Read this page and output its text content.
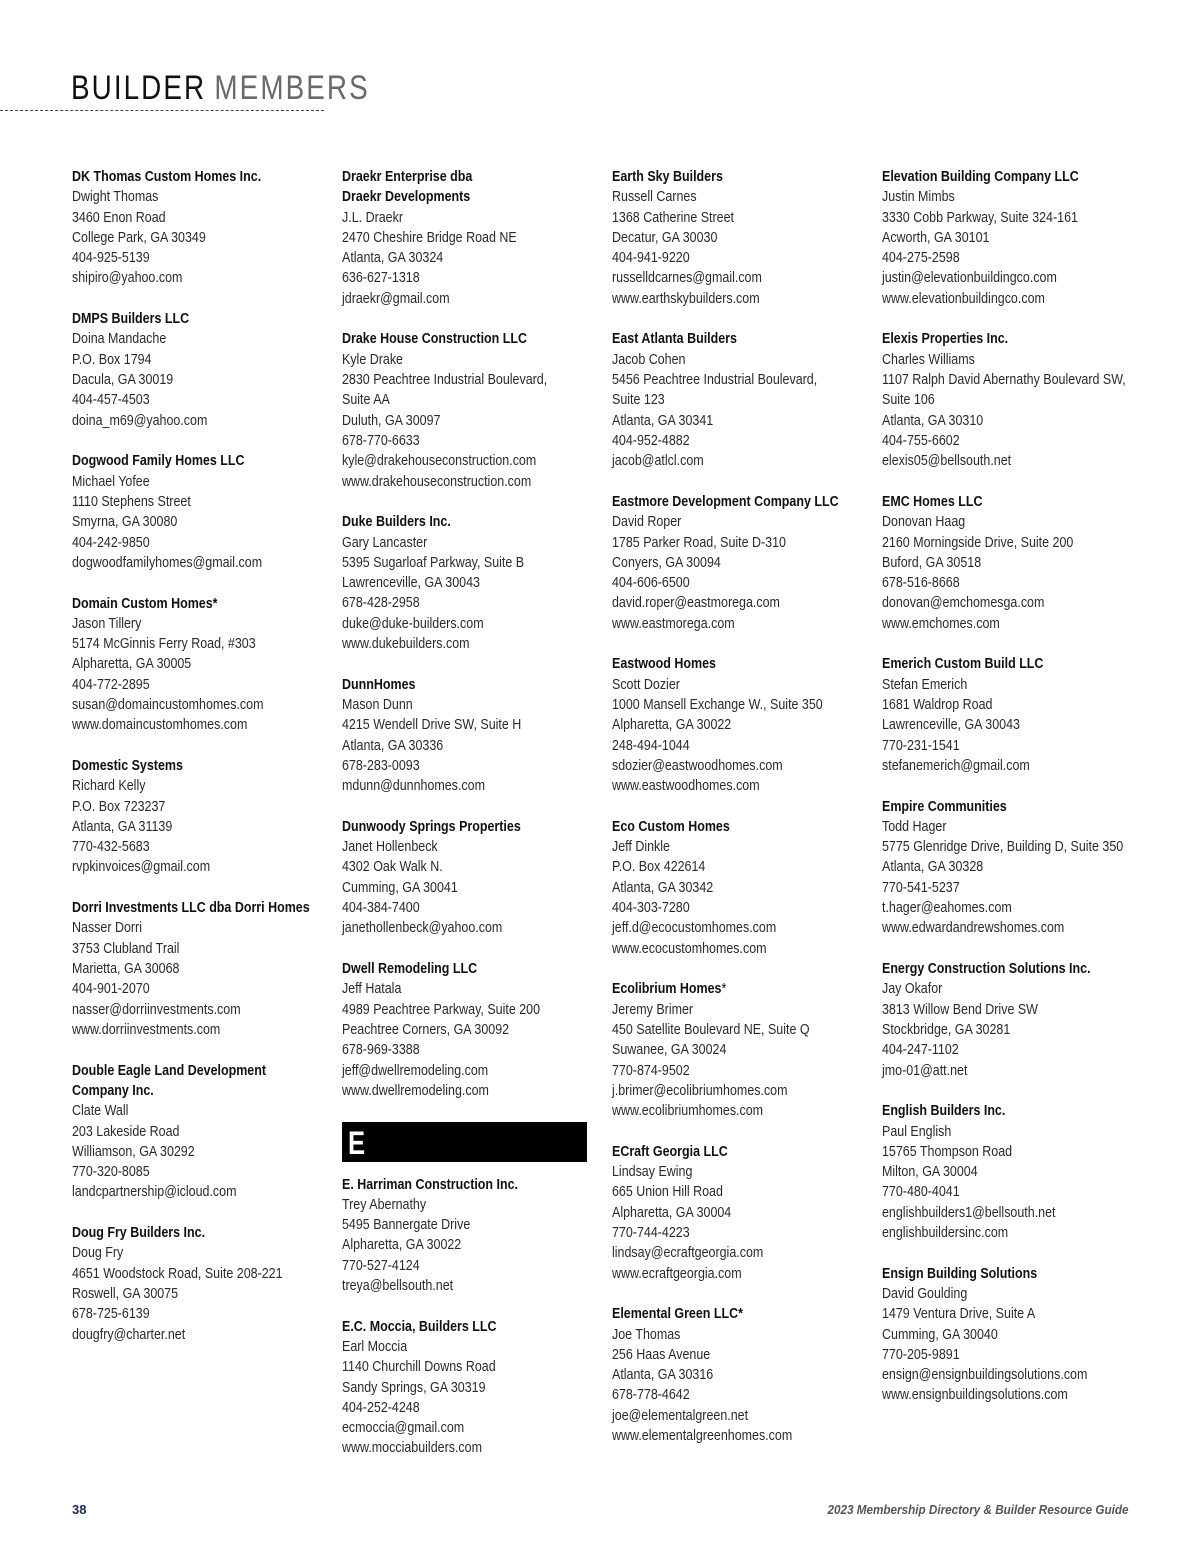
BUILDER MEMBERS
DK Thomas Custom Homes Inc.
Dwight Thomas
3460 Enon Road
College Park, GA 30349
404-925-5139
shipiro@yahoo.com
DMPS Builders LLC
Doina Mandache
P.O. Box 1794
Dacula, GA 30019
404-457-4503
doina_m69@yahoo.com
Dogwood Family Homes LLC
Michael Yofee
1110 Stephens Street
Smyrna, GA 30080
404-242-9850
dogwoodfamilyhomes@gmail.com
Domain Custom Homes*
Jason Tillery
5174 McGinnis Ferry Road, #303
Alpharetta, GA 30005
404-772-2895
susan@domaincustomhomes.com
www.domaincustomhomes.com
Domestic Systems
Richard Kelly
P.O. Box 723237
Atlanta, GA 31139
770-432-5683
rvpkinvoices@gmail.com
Dorri Investments LLC dba Dorri Homes
Nasser Dorri
3753 Clubland Trail
Marietta, GA 30068
404-901-2070
nasser@dorriinvestments.com
www.dorriinvestments.com
Double Eagle Land Development
Company Inc.
Clate Wall
203 Lakeside Road
Williamson, GA 30292
770-320-8085
landcpartnership@icloud.com
Doug Fry Builders Inc.
Doug Fry
4651 Woodstock Road, Suite 208-221
Roswell, GA 30075
678-725-6139
dougfry@charter.net
Draekr Enterprise dba
Draekr Developments
J.L. Draekr
2470 Cheshire Bridge Road NE
Atlanta, GA 30324
636-627-1318
jdraekr@gmail.com
Drake House Construction LLC
Kyle Drake
2830 Peachtree Industrial Boulevard,
Suite AA
Duluth, GA 30097
678-770-6633
kyle@drakehouseconstruction.com
www.drakehouseconstruction.com
Duke Builders Inc.
Gary Lancaster
5395 Sugarloaf Parkway, Suite B
Lawrenceville, GA 30043
678-428-2958
duke@duke-builders.com
www.dukebuilders.com
DunnHomes
Mason Dunn
4215 Wendell Drive SW, Suite H
Atlanta, GA 30336
678-283-0093
mdunn@dunnhomes.com
Dunwoody Springs Properties
Janet Hollenbeck
4302 Oak Walk N.
Cumming, GA 30041
404-384-7400
janethollenbeck@yahoo.com
Dwell Remodeling LLC
Jeff Hatala
4989 Peachtree Parkway, Suite 200
Peachtree Corners, GA 30092
678-969-3388
jeff@dwellremodeling.com
www.dwellremodeling.com
E
E. Harriman Construction Inc.
Trey Abernathy
5495 Bannergate Drive
Alpharetta, GA 30022
770-527-4124
treya@bellsouth.net
E.C. Moccia, Builders LLC
Earl Moccia
1140 Churchill Downs Road
Sandy Springs, GA 30319
404-252-4248
ecmoccia@gmail.com
www.mocciabuilders.com
Earth Sky Builders
Russell Carnes
1368 Catherine Street
Decatur, GA 30030
404-941-9220
russelldcarnes@gmail.com
www.earthskybuilders.com
East Atlanta Builders
Jacob Cohen
5456 Peachtree Industrial Boulevard,
Suite 123
Atlanta, GA 30341
404-952-4882
jacob@atlcl.com
Eastmore Development Company LLC
David Roper
1785 Parker Road, Suite D-310
Conyers, GA 30094
404-606-6500
david.roper@eastmorega.com
www.eastmorega.com
Eastwood Homes
Scott Dozier
1000 Mansell Exchange W., Suite 350
Alpharetta, GA 30022
248-494-1044
sdozier@eastwoodhomes.com
www.eastwoodhomes.com
Eco Custom Homes
Jeff Dinkle
P.O. Box 422614
Atlanta, GA 30342
404-303-7280
jeff.d@ecocustomhomes.com
www.ecocustomhomes.com
Ecolibrium Homes*
Jeremy Brimer
450 Satellite Boulevard NE, Suite Q
Suwanee, GA 30024
770-874-9502
j.brimer@ecolibriumhomes.com
www.ecolibriumhomes.com
ECraft Georgia LLC
Lindsay Ewing
665 Union Hill Road
Alpharetta, GA 30004
770-744-4223
lindsay@ecraftgeorgia.com
www.ecraftgeorgia.com
Elemental Green LLC*
Joe Thomas
256 Haas Avenue
Atlanta, GA 30316
678-778-4642
joe@elementalgreen.net
www.elementalgreenhomes.com
Elevation Building Company LLC
Justin Mimbs
3330 Cobb Parkway, Suite 324-161
Acworth, GA 30101
404-275-2598
justin@elevationbuildingco.com
www.elevationbuildingco.com
Elexis Properties Inc.
Charles Williams
1107 Ralph David Abernathy Boulevard SW,
Suite 106
Atlanta, GA 30310
404-755-6602
elexis05@bellsouth.net
EMC Homes LLC
Donovan Haag
2160 Morningside Drive, Suite 200
Buford, GA 30518
678-516-8668
donovan@emchomesga.com
www.emchomes.com
Emerich Custom Build LLC
Stefan Emerich
1681 Waldrop Road
Lawrenceville, GA 30043
770-231-1541
stefanemerich@gmail.com
Empire Communities
Todd Hager
5775 Glenridge Drive, Building D, Suite 350
Atlanta, GA 30328
770-541-5237
t.hager@eahomes.com
www.edwardandrewshomes.com
Energy Construction Solutions Inc.
Jay Okafor
3813 Willow Bend Drive SW
Stockbridge, GA 30281
404-247-1102
jmo-01@att.net
English Builders Inc.
Paul English
15765 Thompson Road
Milton, GA 30004
770-480-4041
englishbuilders1@bellsouth.net
englishbuildersinc.com
Ensign Building Solutions
David Goulding
1479 Ventura Drive, Suite A
Cumming, GA 30040
770-205-9891
ensign@ensignbuildingsolutions.com
www.ensignbuildingsolutions.com
38	2023 Membership Directory & Builder Resource Guide
